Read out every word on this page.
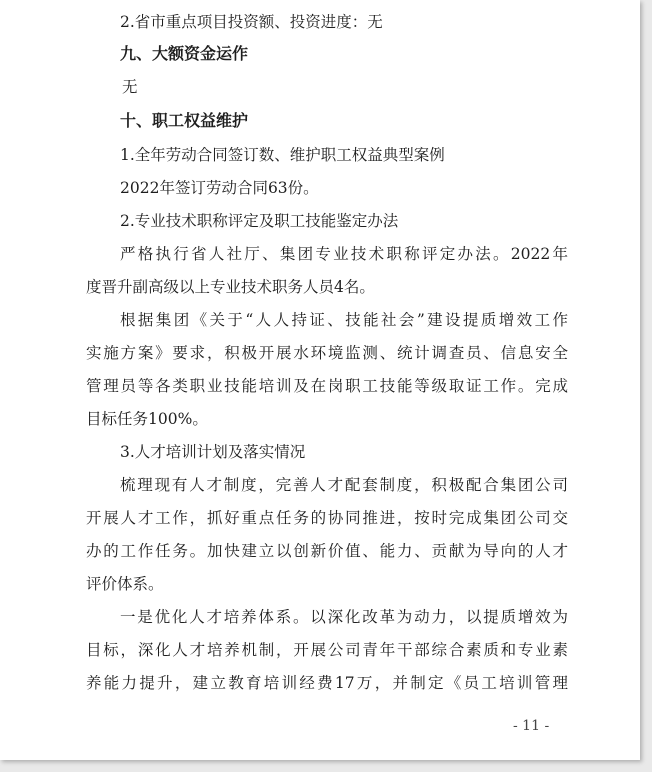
2.省市重点项目投资额、投资进度：无
九、大额资金运作
无
十、职工权益维护
1.全年劳动合同签订数、维护职工权益典型案例
2022年签订劳动合同63份。
2.专业技术职称评定及职工技能鉴定办法
严格执行省人社厅、集团专业技术职称评定办法。2022年
度晋升副高级以上专业技术职务人员4名。
根据集团《关于“人人持证、技能社会”建设提质增效工作
实施方案》要求，积极开展水环境监测、统计调查员、信息安全
管理员等各类职业技能培训及在岗职工技能等级取证工作。完成
目标任务100%。
3.人才培训计划及落实情况
梳理现有人才制度，完善人才配套制度，积极配合集团公司
开展人才工作，抓好重点任务的协同推进，按时完成集团公司交
办的工作任务。加快建立以创新价值、能力、贡献为导向的人才
评价体系。
一是优化人才培养体系。以深化改革为动力，以提质增效为
目标，深化人才培养机制，开展公司青年干部综合素质和专业素
养能力提升，建立教育培训经费17万，并制定《员工培训管理
- 11 -
